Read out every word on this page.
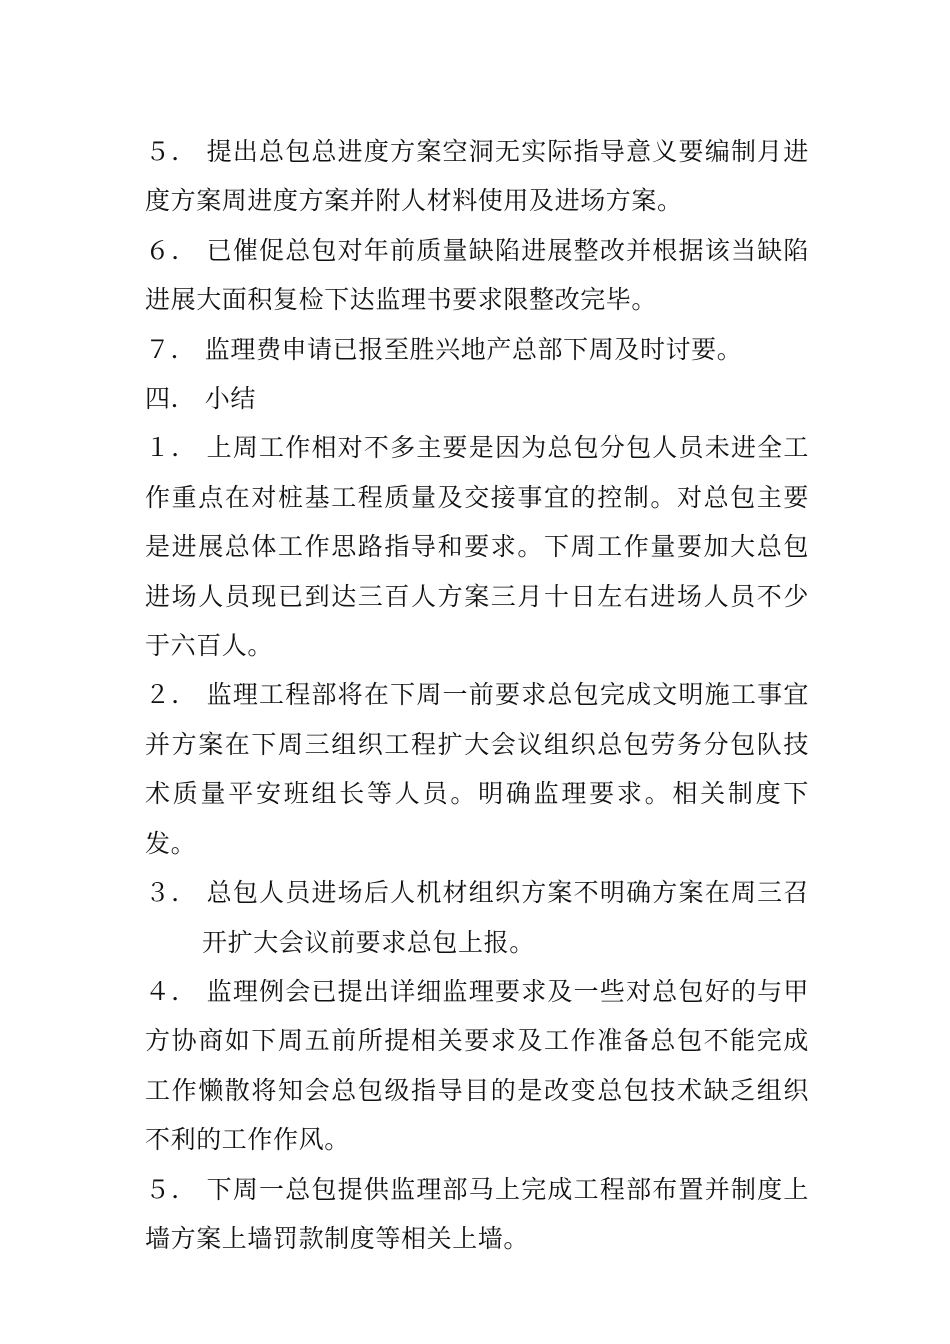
５． 提出总包总进度方案空洞无实际指导意义要编制月进度方案周进度方案并附人材料使用及进场方案。

６． 已催促总包对年前质量缺陷进展整改并根据该当缺陷进展大面积复检下达监理书要求限整改完毕。

７． 监理费申请已报至胜兴地产总部下周及时讨要。

四． 小结

１． 上周工作相对不多主要是因为总包分包人员未进全工作重点在对桩基工程质量及交接事宜的控制。对总包主要是进展总体工作思路指导和要求。下周工作量要加大总包进场人员现已到达三百人方案三月十日左右进场人员不少于六百人。

２． 监理工程部将在下周一前要求总包完成文明施工事宜并方案在下周三组织工程扩大会议组织总包劳务分包队技术质量平安班组长等人员。明确监理要求。相关制度下发。

３． 总包人员进场后人机材组织方案不明确方案在周三召开扩大会议前要求总包上报。

４． 监理例会已提出详细监理要求及一些对总包好的与甲方协商如下周五前所提相关要求及工作准备总包不能完成工作懒散将知会总包级指导目的是改变总包技术缺乏组织不利的工作作风。

５． 下周一总包提供监理部马上完成工程部布置并制度上墙方案上墙罚款制度等相关上墙。
